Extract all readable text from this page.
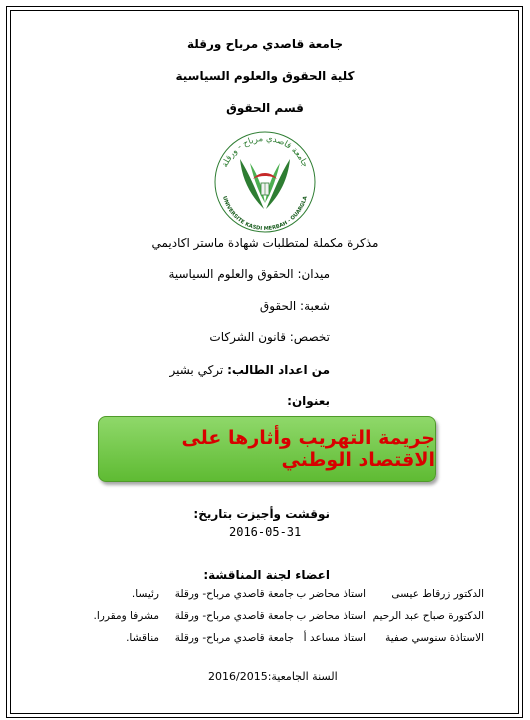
جامعة قاصدي مرباح ورقلة
كلية الحقوق والعلوم السياسية
قسم الحقوق
جامعة قاصدي مرباح - ورقلة
UNIVERSITE KASDI MERBAH - OUARGLA
مذكرة مكملة لمتطلبات شهادة ماستر اكاديمي
ميدان: الحقوق والعلوم السياسية
شعبة: الحقوق
تخصص: قانون الشركات
من اعداد الطالب: تركي بشير
بعنوان:
جريمة التهريب وأثارها على الاقتصاد الوطني
نوقشت وأجيزت بتاريخ:
2016-05-31
اعضاء لجنة المناقشة:
الدكتور زرقاط عيسى
استاذ محاضر ب
جامعة قاصدي مرباح- ورقلة
رئيسا.
الدكتورة صباح عبد الرحيم
استاذ محاضر ب
جامعة قاصدي مرباح- ورقلة
مشرفا ومقررا.
الاستاذة سنوسي صفية
استاذ مساعد أ
جامعة قاصدي مرباح- ورقلة
مناقشا.
السنة الجامعية:2016/2015
